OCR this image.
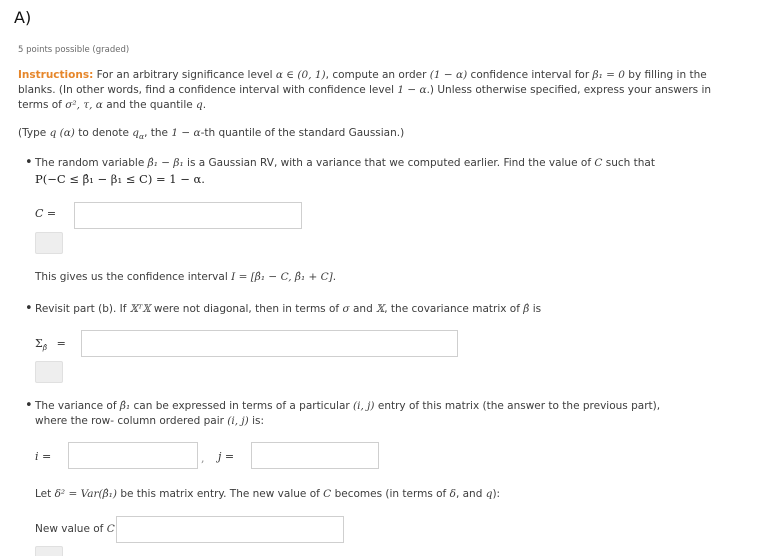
A)
5 points possible (graded)
Instructions: For an arbitrary significance level α ∈ (0, 1), compute an order (1 − α) confidence interval for β₁ = 0 by filling in the blanks. (In other words, find a confidence interval with confidence level 1 − α.) Unless otherwise specified, express your answers in terms of σ², τ, α and the quantile q.
(Type q (α) to denote $q_\alpha$, the 1 − α-th quantile of the standard Gaussian.)
• The random variable β̂₁ − β₁ is a Gaussian RV, with a variance that we computed earlier. Find the value of C such that
P(−C ≤ β̂₁ − β₁ ≤ C) = 1 − α.
C =
This gives us the confidence interval I = [β̂₁ − C, β̂₁ + C].
• Revisit part (b). If 𝕏ᵀ𝕏 were not diagonal, then in terms of σ and 𝕏, the covariance matrix of β̂ is
$\Sigma_{\betâ}$ =
• The variance of β̂₁ can be expressed in terms of a particular (i, j) entry of this matrix (the answer to the previous part), where the row- column ordered pair (i, j) is:
i =	, j =
Let δ² = Var(β̂₁) be this matrix entry. The new value of C becomes (in terms of δ, and q):
New value of C
